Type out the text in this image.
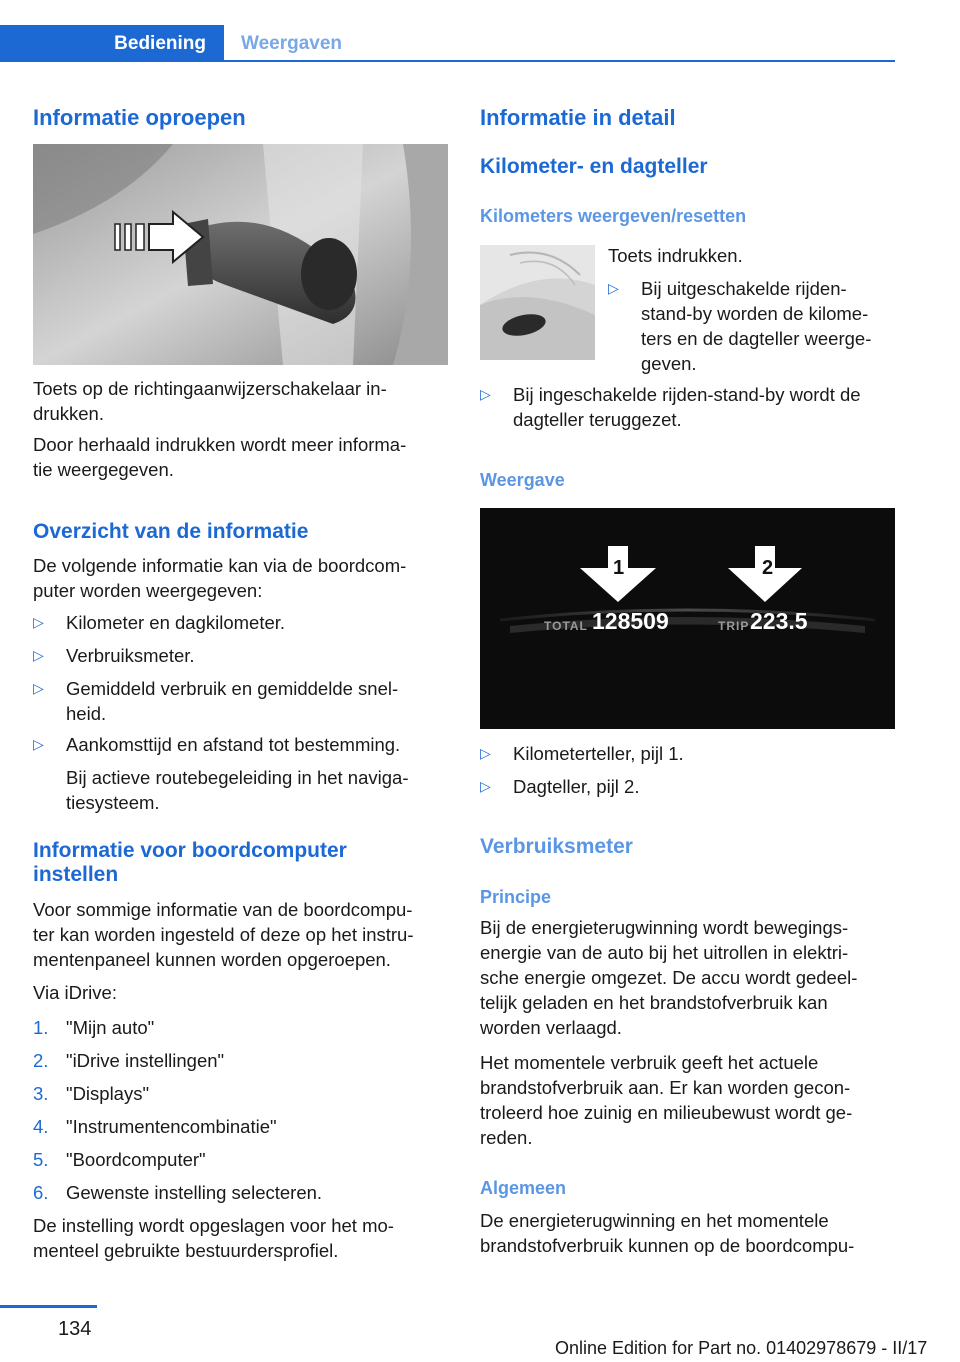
Bediening	Weergaven
Informatie oproepen

Toets op de richtingaanwijzerschakelaar in-
drukken.

Door herhaald indrukken wordt meer informa-
tie weergegeven.

Overzicht van de informatie

De volgende informatie kan via de boordcom-
puter worden weergegeven:

▷ Kilometer en dagkilometer.
▷ Verbruiksmeter.
▷ Gemiddeld verbruik en gemiddelde snel-
heid.
▷ Aankomsttijd en afstand tot bestemming.

Bij actieve routebegeleiding in het naviga-
tiesysteem.

Informatie voor boordcomputer
instellen

Voor sommige informatie van de boordcompu-
ter kan worden ingesteld of deze op het instru-
mentenpaneel kunnen worden opgeroepen.

Via iDrive:

1. "Mijn auto"
2. "iDrive instellingen"
3. "Displays"
4. "Instrumentencombinatie"
5. "Boordcomputer"
6. Gewenste instelling selecteren.

De instelling wordt opgeslagen voor het mo-
menteel gebruikte bestuurdersprofiel.

Informatie in detail
Kilometer- en dagteller
Kilometers weergeven/resetten

Toets indrukken.

▷ Bij uitgeschakelde rijden-
stand-by worden de kilome-
ters en de dagteller weerge-
geven.
▷ Bij ingeschakelde rijden-stand-by wordt de
dagteller teruggezet.
Weergave
1	2
TOTAL 128509	TRIP 223.5
▷ Kilometerteller, pijl 1.
▷ Dagteller, pijl 2.
Verbruiksmeter
Principe

Bij de energieterugwinning wordt bewegings-
energie van de auto bij het uitrollen in elektri-
sche energie omgezet. De accu wordt gedeel-
telijk geladen en het brandstofverbruik kan
worden verlaagd.

Het momentele verbruik geeft het actuele
brandstofverbruik aan. Er kan worden gecon-
troleerd hoe zuinig en milieubewust wordt ge-
reden.

Algemeen

De energieterugwinning en het momentele
brandstofverbruik kunnen op de boordcompu-

134
Online Edition for Part no. 01402978679 - II/17
